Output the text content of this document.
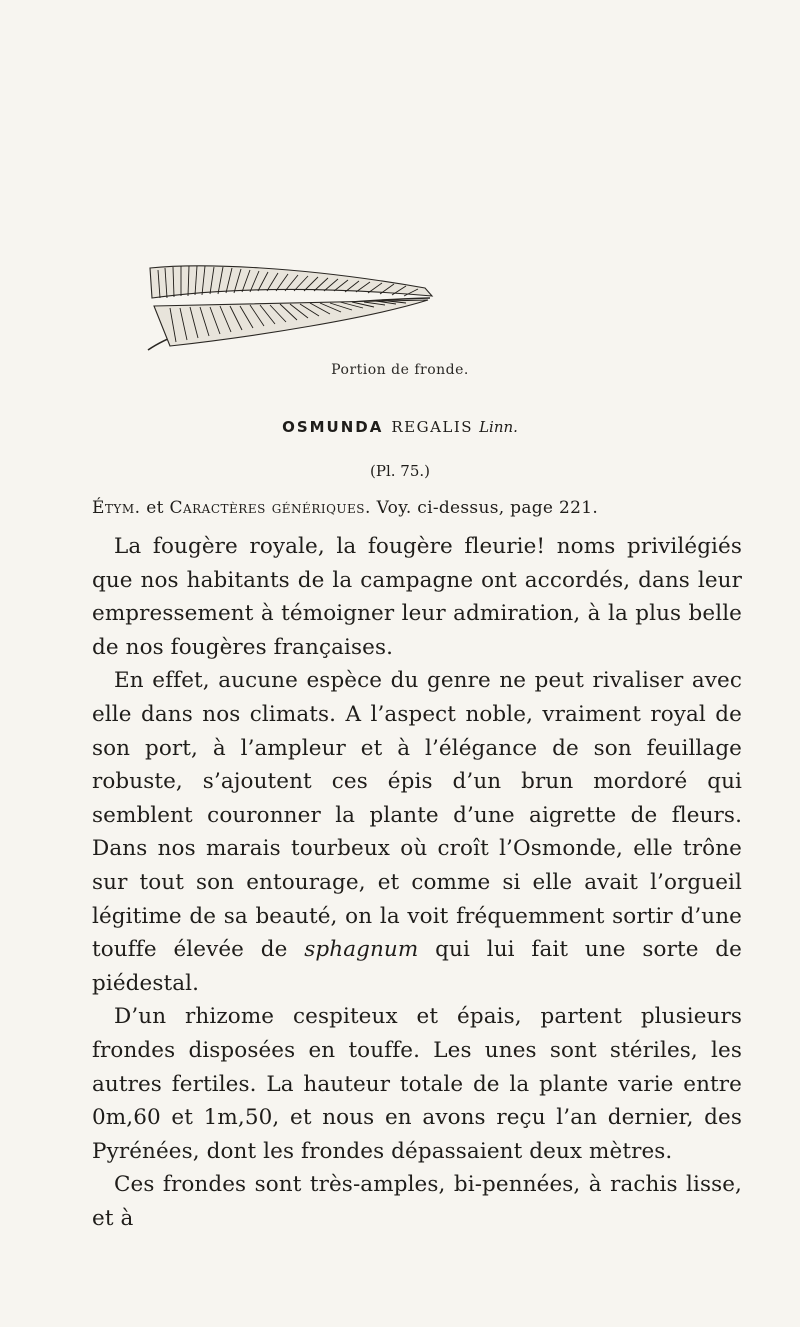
Portion de fronde.
OSMUNDA REGALIS Linn.
(Pl. 75.)
Étym. et Caractères génériques. Voy. ci-dessus, page 221.

La fougère royale, la fougère fleurie! noms privilégiés que nos habitants de la campagne ont accordés, dans leur empressement à témoigner leur admiration, à la plus belle de nos fougères françaises.

En effet, aucune espèce du genre ne peut rivaliser avec elle dans nos climats. A l’aspect noble, vraiment royal de son port, à l’ampleur et à l’élégance de son feuillage robuste, s’ajoutent ces épis d’un brun mordoré qui semblent couronner la plante d’une aigrette de fleurs. Dans nos marais tourbeux où croît l’Osmonde, elle trône sur tout son entourage, et comme si elle avait l’orgueil légitime de sa beauté, on la voit fréquemment sortir d’une touffe élevée de sphagnum qui lui fait une sorte de piédestal.

D’un rhizome cespiteux et épais, partent plusieurs frondes disposées en touffe. Les unes sont stériles, les autres fertiles. La hauteur totale de la plante varie entre 0m,60 et 1m,50, et nous en avons reçu l’an dernier, des Pyrénées, dont les frondes dépassaient deux mètres.

Ces frondes sont très-amples, bi-pennées, à rachis lisse, et à
